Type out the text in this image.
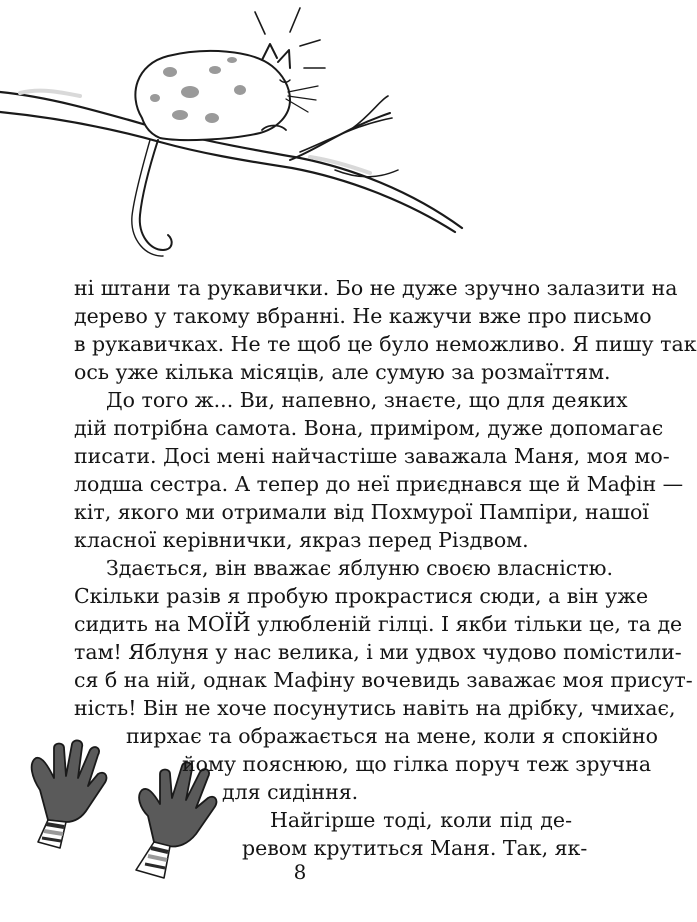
ні штани та рукавички. Бо не дуже зручно залазити на

дерево у такому вбранні. Не кажучи вже про письмо

в рукавичках. Не те щоб це було неможливо. Я пишу так

ось уже кілька місяців, але сумую за розмаїттям.

До того ж... Ви, напевно, знаєте, що для деяких

дій потрібна самота. Вона, приміром, дуже допомагає

писати. Досі мені найчастіше заважала Маня, моя мо-

лодша сестра. А тепер до неї приєднався ще й Мафін —

кіт, якого ми отримали від Похмурої Пампіри, нашої

класної керівнички, якраз перед Різдвом.

Здається, він вважає яблуню своєю власністю.

Скільки разів я пробую прокрастися сюди, а він уже

сидить на МОЇЙ улюбленій гілці. І якби тільки це, та де

там! Яблуня у нас велика, і ми удвох чудово помістили-

ся б на ній, однак Мафіну вочевидь заважає моя присут-

ність! Він не хоче посунутись навіть на дрібку, чмихає,

пирхає та ображається на мене, коли я спокійно

йому пояснюю, що гілка поруч теж зручна

для сидіння.

Найгірше тоді, коли під де-

ревом крутиться Маня. Так, як-

8
